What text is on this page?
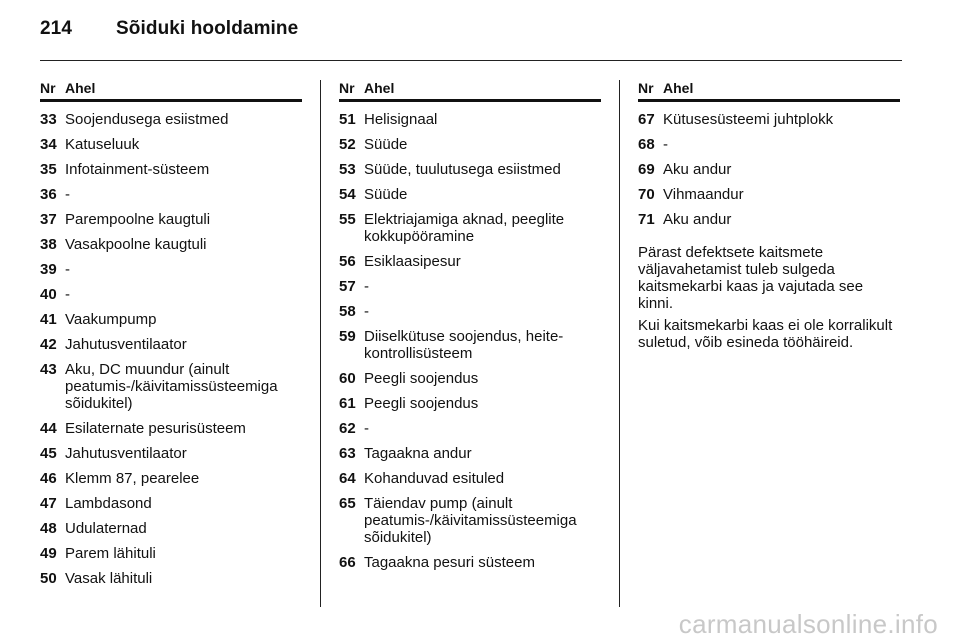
214 Sõiduki hooldamine
Nr Ahel
33 Soojendusega esiistmed
34 Katuseluuk
35 Infotainment-süsteem
36 -
37 Parempoolne kaugtuli
38 Vasakpoolne kaugtuli
39 -
40 -
41 Vaakumpump
42 Jahutusventilaator
43 Aku, DC muundur (ainult peatumis-/käivitamissüsteemiga sõidukitel)
44 Esilaternate pesurisüsteem
45 Jahutusventilaator
46 Klemm 87, pearelee
47 Lambdasond
48 Udulaternad
49 Parem lähituli
50 Vasak lähituli
Nr Ahel
51 Helisignaal
52 Süüde
53 Süüde, tuulutusega esiistmed
54 Süüde
55 Elektriajamiga aknad, peeglite kokkupööramine
56 Esiklaasipesur
57 -
58 -
59 Diiselkütuse soojendus, heite- kontrollisüsteem
60 Peegli soojendus
61 Peegli soojendus
62 -
63 Tagaakna andur
64 Kohanduvad esituled
65 Täiendav pump (ainult peatumis-/käivitamissüsteemiga sõidukitel)
66 Tagaakna pesuri süsteem
Nr Ahel
67 Kütusesüsteemi juhtplokk
68 -
69 Aku andur
70 Vihmaandur
71 Aku andur

Pärast defektsete kaitsmete väljavahetamist tuleb sulgeda kaitsmekarbi kaas ja vajutada see kinni.

Kui kaitsmekarbi kaas ei ole korralikult suletud, võib esineda tööhäireid.

carmanualsonline.info
